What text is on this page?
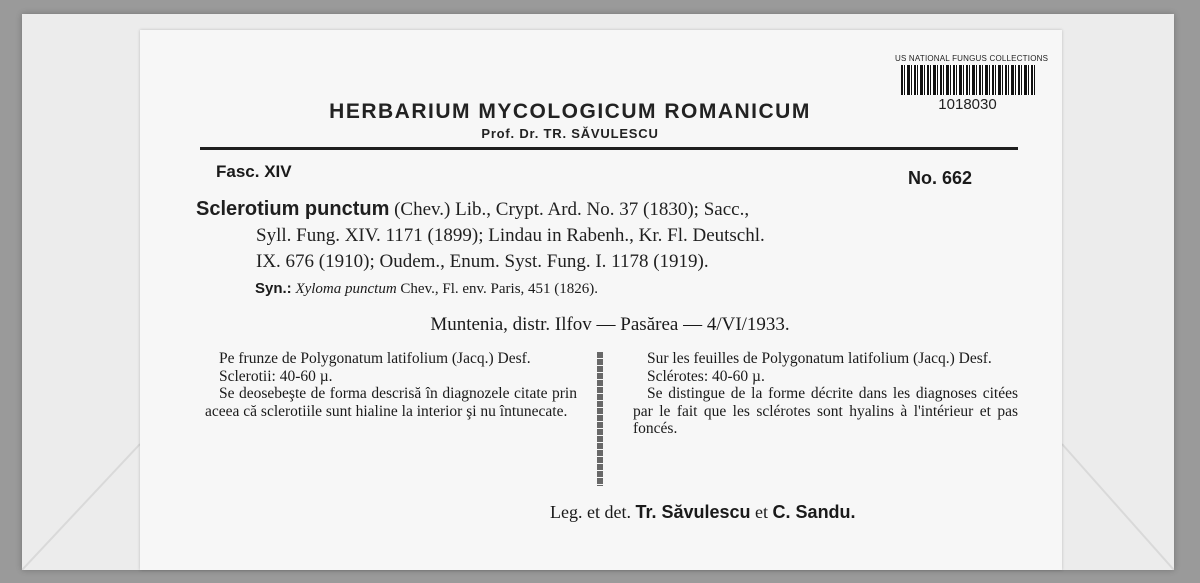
US NATIONAL FUNGUS COLLECTIONS
1018030
HERBARIUM MYCOLOGICUM ROMANICUM
Prof. Dr. TR. SĂVULESCU
Fasc. XIV	No. 662
Sclerotium punctum (Chev.) Lib., Crypt. Ard. No. 37 (1830); Sacc.,
Syll. Fung. XIV. 1171 (1899); Lindau in Rabenh., Kr. Fl. Deutschl.
IX. 676 (1910); Oudem., Enum. Syst. Fung. I. 1178 (1919).
Syn.: Xyloma punctum Chev., Fl. env. Paris, 451 (1826).
Muntenia, distr. Ilfov — Pasărea — 4/VI/1933.

Pe frunze de Polygonatum latifolium (Jacq.) Desf.

Sclerotii: 40-60 µ.

Se deosebeşte de forma descrisă în diagnozele citate prin aceea că sclerotiile sunt hialine la interior şi nu întunecate.

Sur les feuilles de Polygonatum latifolium (Jacq.) Desf.

Sclérotes: 40-60 µ.

Se distingue de la forme décrite dans les diagnoses citées par le fait que les sclérotes sont hyalins à l'intérieur et pas foncés.

Leg. et det. Tr. Săvulescu et C. Sandu.
